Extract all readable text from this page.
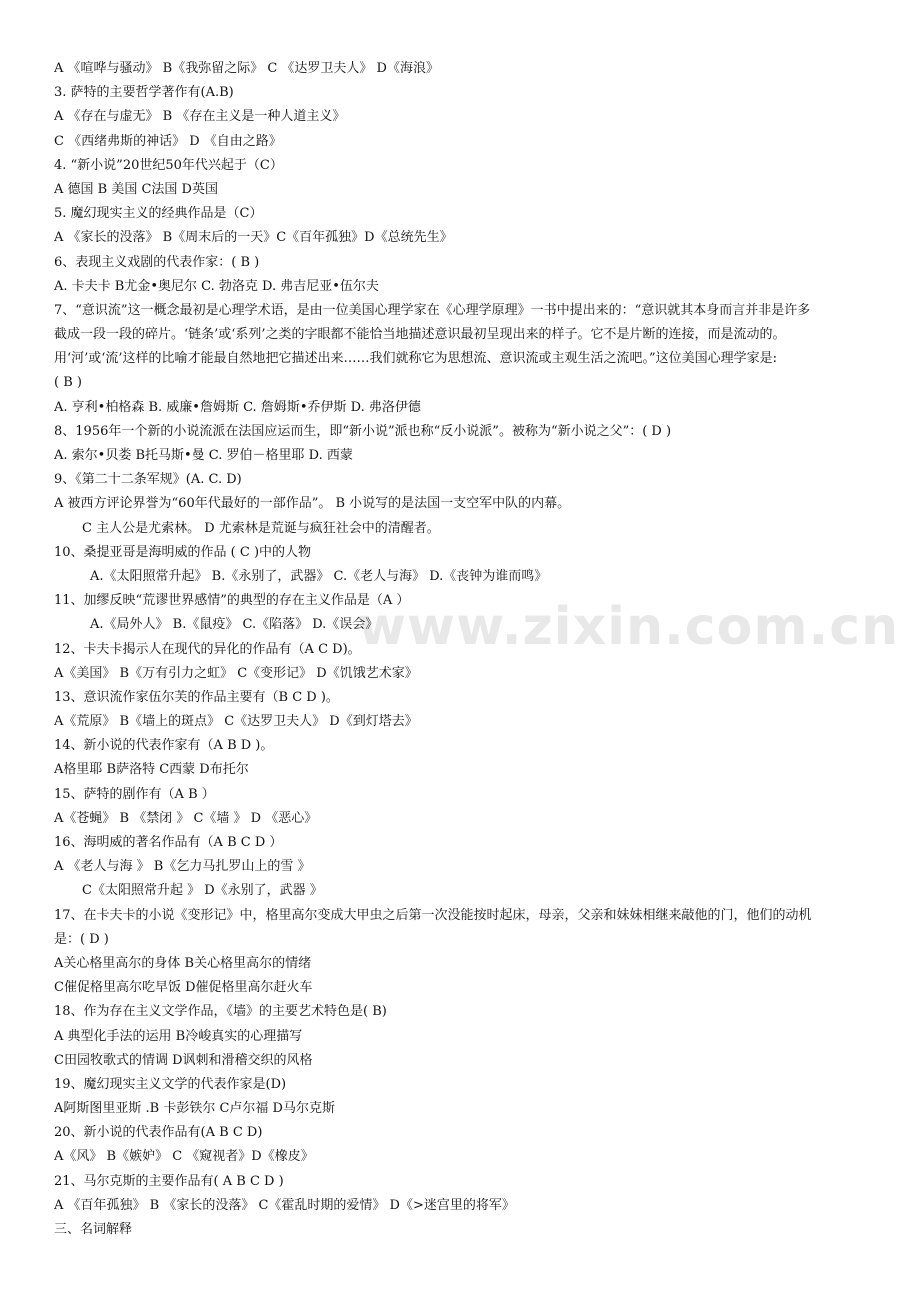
www.zixin.com.cn
A 《喧哗与骚动》 B《我弥留之际》 C 《达罗卫夫人》 D《海浪》
3. 萨特的主要哲学著作有(A.B)
A 《存在与虚无》 B 《存在主义是一种人道主义》
C 《西绪弗斯的神话》 D 《自由之路》
4. “新小说”20世纪50年代兴起于（C）
A 德国 B 美国 C法国 D英国
5. 魔幻现实主义的经典作品是（C）
A 《家长的没落》 B《周末后的一天》C《百年孤独》D《总统先生》
6、表现主义戏剧的代表作家：( B )
A. 卡夫卡 B尤金•奥尼尔 C. 勃洛克 D. 弗吉尼亚•伍尔夫
7、“意识流”这一概念最初是心理学术语，是由一位美国心理学家在《心理学原理》一书中提出来的：“意识就其本身而言并非是许多
截成一段一段的碎片。‘链条’或‘系列’之类的字眼都不能恰当地描述意识最初呈现出来的样子。它不是片断的连接，而是流动的。
用‘河’或‘流’这样的比喻才能最自然地把它描述出来……我们就称它为思想流、意识流或主观生活之流吧。”这位美国心理学家是:
( B )
A. 亨利•柏格森 B. 威廉•詹姆斯 C. 詹姆斯•乔伊斯 D. 弗洛伊德
8、1956年一个新的小说流派在法国应运而生，即“新小说”派也称“反小说派”。被称为“新小说之父”：( D )
A. 索尔•贝娄 B托马斯•曼 C. 罗伯－格里耶 D. 西蒙
9、《第二十二条军规》(A. C. D)
A 被西方评论界誉为“60年代最好的一部作品”。 B 小说写的是法国一支空军中队的内幕。
C 主人公是尤索林。 D 尤索林是荒诞与疯狂社会中的清醒者。
10、桑提亚哥是海明威的作品 ( C )中的人物
A.《太阳照常升起》 B.《永别了，武器》 C.《老人与海》 D.《丧钟为谁而鸣》
11、加缪反映“荒谬世界感情”的典型的存在主义作品是（A ）
A.《局外人》 B.《鼠疫》 C.《陷落》 D.《误会》
12、卡夫卡揭示人在现代的异化的作品有（A C D)。
A《美国》 B《万有引力之虹》 C《变形记》 D《饥饿艺术家》
13、意识流作家伍尔芙的作品主要有（B C D )。
A《荒原》 B《墙上的斑点》 C《达罗卫夫人》 D《到灯塔去》
14、新小说的代表作家有（A B D )。
A格里耶 B萨洛特 C西蒙 D布托尔
15、萨特的剧作有（A B ）
A《苍蝇》 B 《禁闭 》 C《墙 》 D 《恶心》
16、海明威的著名作品有（A B C D ）
A 《老人与海 》 B《乞力马扎罗山上的雪 》
C《太阳照常升起 》 D《永别了，武器 》
17、在卡夫卡的小说《变形记》中，格里高尔变成大甲虫之后第一次没能按时起床，母亲，父亲和妹妹相继来敲他的门，他们的动机
是：( D )
A关心格里高尔的身体 B关心格里高尔的情绪
C催促格里高尔吃早饭 D催促格里高尔赶火车
18、作为存在主义文学作品，《墙》的主要艺术特色是( B)
A 典型化手法的运用 B冷峻真实的心理描写
C田园牧歌式的情调 D讽刺和滑稽交织的风格
19、魔幻现实主义文学的代表作家是(D)
A阿斯图里亚斯 .B 卡彭铁尔 C卢尔福 D马尔克斯
20、新小说的代表作品有(A B C D)
A《风》 B《嫉妒》 C 《窥视者》D《橡皮》
21、马尔克斯的主要作品有( A B C D )
A 《百年孤独》 B 《家长的没落》 C《霍乱时期的爱情》 D《>迷宫里的将军》
三、名词解释
